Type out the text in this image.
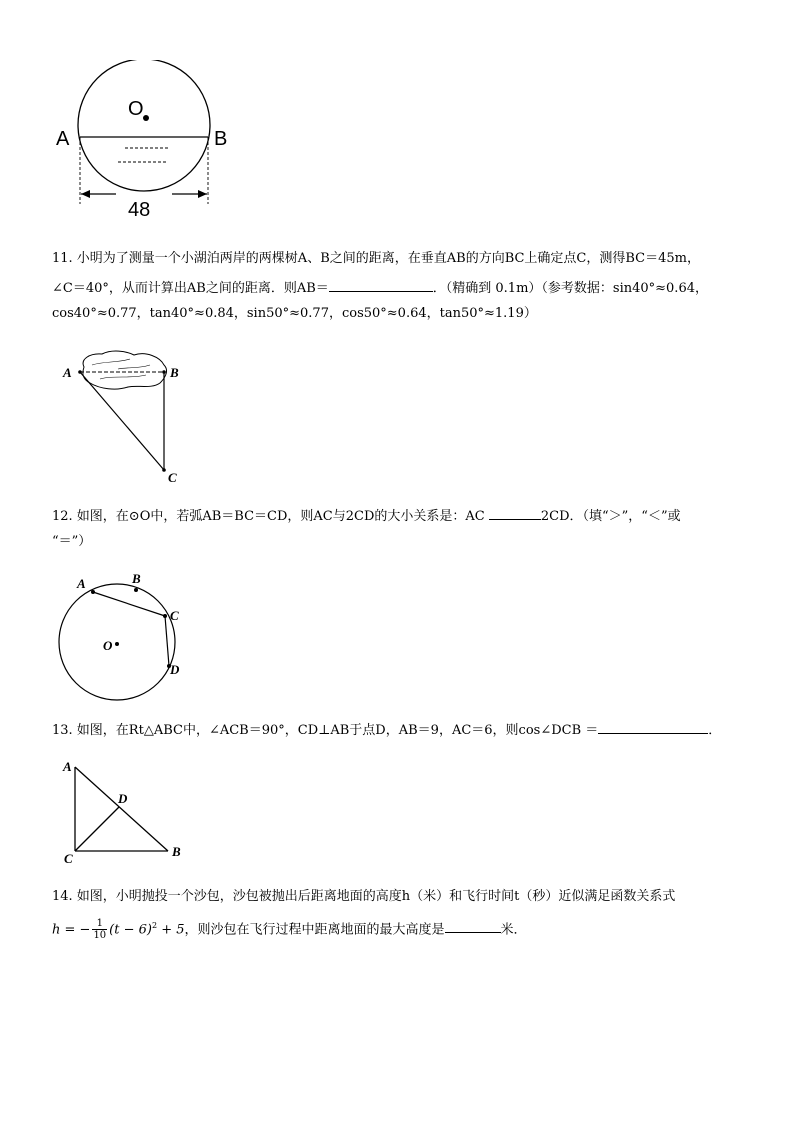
O
A	B
48
11. 小明为了测量一个小湖泊两岸的两棵树A、B之间的距离，在垂直AB的方向BC上确定点C，测得BC＝45m，
∠C＝40°，从而计算出AB之间的距离．则AB＝	．（精确到 0.1m）（参考数据：sin40°≈0.64，
cos40°≈0.77，tan40°≈0.84，sin50°≈0.77，cos50°≈0.64，tan50°≈1.19）
A	B
C
12. 如图，在⊙O中，若弧AB＝BC＝CD，则AC与2CD的大小关系是：AC	2CD．（填“＞”，“＜”或
“＝”）
A	B
C
D
O
13. 如图，在Rt△ABC中，∠ACB＝90°，CD⊥AB于点D，AB＝9，AC＝6，则cos∠DCB ＝	．
A
B
C
D
14. 如图，小明抛投一个沙包，沙包被抛出后距离地面的高度h（米）和飞行时间t（秒）近似满足函数关系式
h = − $\frac{1}{10} (t - 6)^2 + 5$，则沙包在飞行过程中距离地面的最大高度是	米．
